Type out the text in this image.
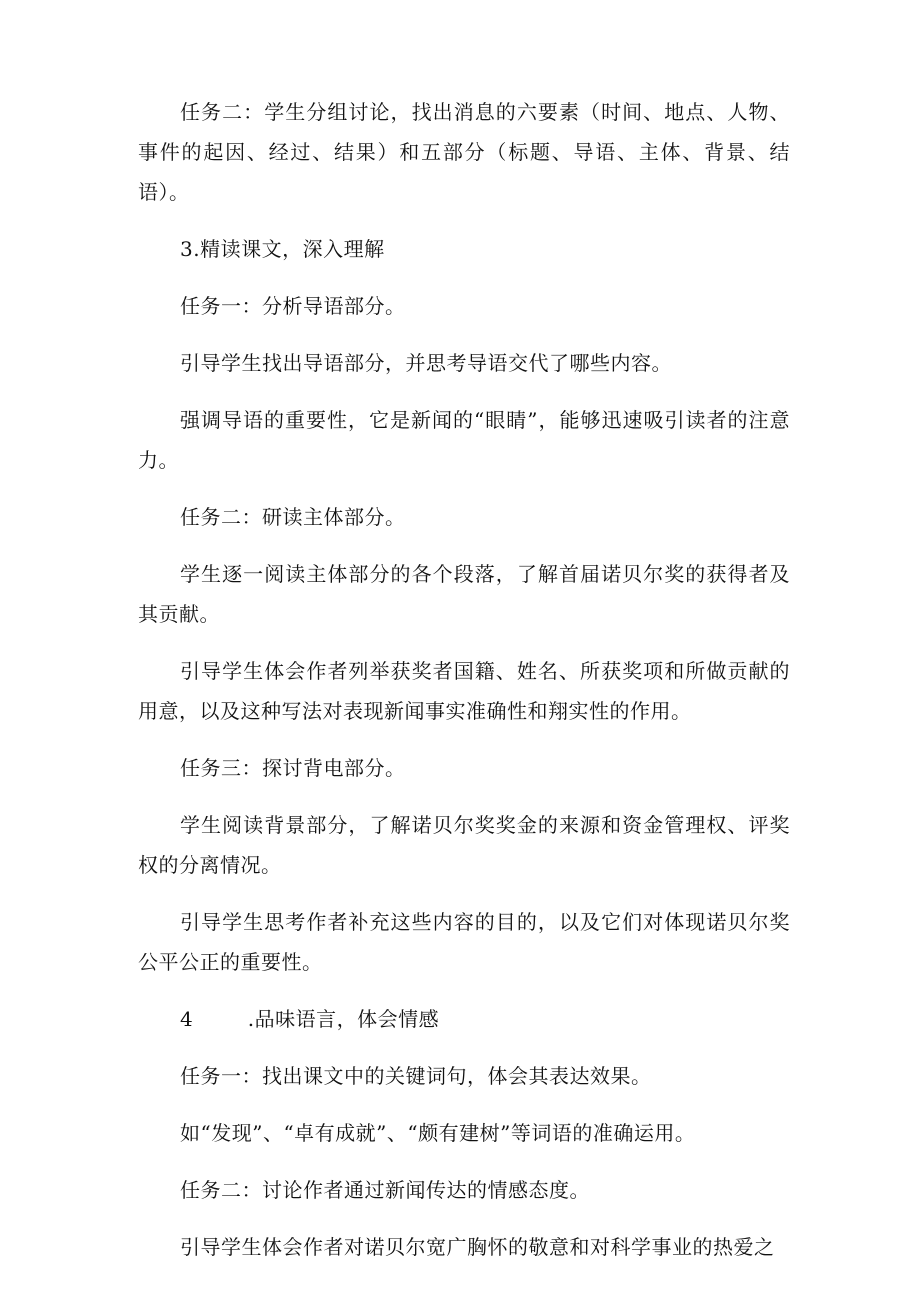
任务二：学生分组讨论，找出消息的六要素（时间、地点、人物、事件的起因、经过、结果）和五部分（标题、导语、主体、背景、结语）。

3.精读课文，深入理解

任务一：分析导语部分。

引导学生找出导语部分，并思考导语交代了哪些内容。

强调导语的重要性，它是新闻的“眼睛”，能够迅速吸引读者的注意力。

任务二：研读主体部分。

学生逐一阅读主体部分的各个段落，了解首届诺贝尔奖的获得者及其贡献。

引导学生体会作者列举获奖者国籍、姓名、所获奖项和所做贡献的用意，以及这种写法对表现新闻事实准确性和翔实性的作用。

任务三：探讨背电部分。

学生阅读背景部分，了解诺贝尔奖奖金的来源和资金管理权、评奖权的分离情况。

引导学生思考作者补充这些内容的目的，以及它们对体现诺贝尔奖公平公正的重要性。

4	.品味语言，体会情感

任务一：找出课文中的关键词句，体会其表达效果。

如“发现”、“卓有成就”、“颇有建树”等词语的准确运用。

任务二：讨论作者通过新闻传达的情感态度。

引导学生体会作者对诺贝尔宽广胸怀的敬意和对科学事业的热爱之
